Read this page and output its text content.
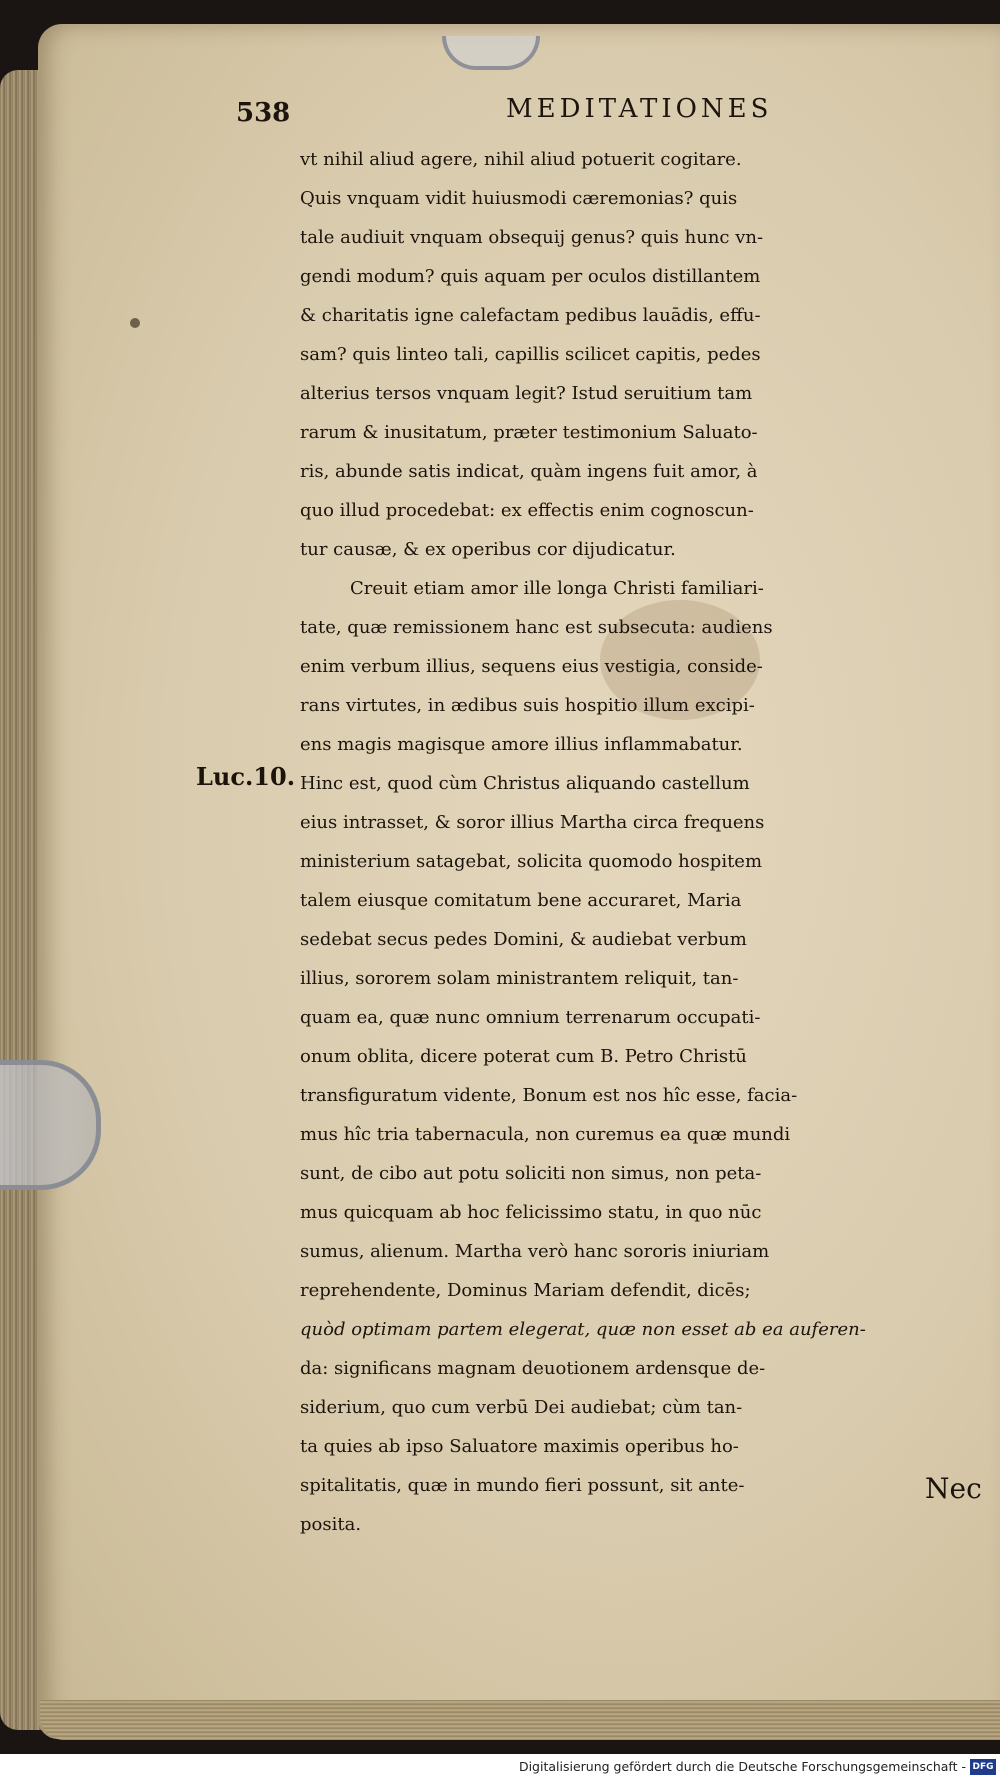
538	MEDITATIONES
vt nihil aliud agere, nihil aliud potuerit cogitare.
Quis vnquam vidit huiusmodi cæremonias? quis
tale audiuit vnquam obsequij genus? quis hunc vn-
gendi modum? quis aquam per oculos distillantem
& charitatis igne calefactam pedibus lauādis, effu-
sam? quis linteo tali, capillis scilicet capitis, pedes
alterius tersos vnquam legit? Istud seruitium tam
rarum & inusitatum, præter testimonium Saluato-
ris, abunde satis indicat, quàm ingens fuit amor, à
quo illud procedebat: ex effectis enim cognoscun-
tur causæ, & ex operibus cor dijudicatur.
Creuit etiam amor ille longa Christi familiari-
tate, quæ remissionem hanc est subsecuta: audiens
enim verbum illius, sequens eius vestigia, conside-
rans virtutes, in ædibus suis hospitio illum excipi-
ens magis magisque amore illius inflammabatur.
Hinc est, quod cùm Christus aliquando castellum
eius intrasset, & soror illius Martha circa frequens
ministerium satagebat, solicita quomodo hospitem
talem eiusque comitatum bene accuraret, Maria
sedebat secus pedes Domini, & audiebat verbum
illius, sororem solam ministrantem reliquit, tan-
quam ea, quæ nunc omnium terrenarum occupati-
onum oblita, dicere poterat cum B. Petro Christū
transfiguratum vidente, Bonum est nos hîc esse, facia-
mus hîc tria tabernacula, non curemus ea quæ mundi
sunt, de cibo aut potu soliciti non simus, non peta-
mus quicquam ab hoc felicissimo statu, in quo nūc
sumus, alienum. Martha verò hanc sororis iniuriam
reprehendente, Dominus Mariam defendit, dicēs;
quòd optimam partem elegerat, quæ non esset ab ea auferen-
da: significans magnam deuotionem ardensque de-
siderium, quo cum verbū Dei audiebat; cùm tan-
ta quies ab ipso Saluatore maximis operibus ho-
spitalitatis, quæ in mundo fieri possunt, sit ante-
posita.
Luc.10.
Nec
Digitalisierung gefördert durch die Deutsche Forschungsgemeinschaft - DFG
